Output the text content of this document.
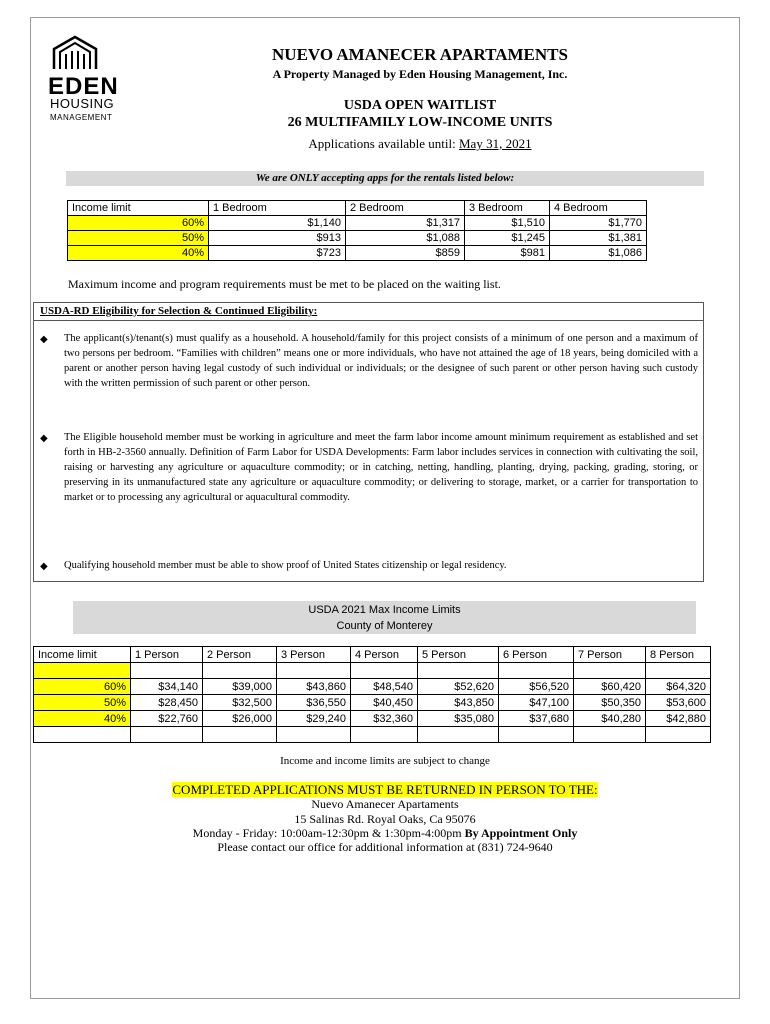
EDEN
HOUSING
MANAGEMENT
NUEVO AMANECER APARTAMENTS
A Property Managed by Eden Housing Management, Inc.
USDA OPEN WAITLIST
26 MULTIFAMILY LOW-INCOME UNITS
Applications available until: May 31, 2021
We are ONLY accepting apps for the rentals listed below:
Income limit	1 Bedroom	2 Bedroom	3 Bedroom	4 Bedroom
60%	$1,140	$1,317	$1,510	$1,770
50%	$913	$1,088	$1,245	$1,381
40%	$723	$859	$981	$1,086
Maximum income and program requirements must be met to be placed on the waiting list.
USDA-RD Eligibility for Selection & Continued Eligibility:
◆ The applicant(s)/tenant(s) must qualify as a household. A household/family for this project consists of a minimum of one person and a maximum of two persons per bedroom. “Families with children” means one or more individuals, who have not attained the age of 18 years, being domiciled with a parent or another person having legal custody of such individual or individuals; or the designee of such parent or other person having such custody with the written permission of such parent or other person.
◆ The Eligible household member must be working in agriculture and meet the farm labor income amount minimum requirement as established and set forth in HB-2-3560 annually. Definition of Farm Labor for USDA Developments: Farm labor includes services in connection with cultivating the soil, raising or harvesting any agriculture or aquaculture commodity; or in catching, netting, handling, planting, drying, packing, grading, storing, or preserving in its unmanufactured state any agriculture or aquaculture commodity; or delivering to storage, market, or a carrier for transportation to market or to processing any agricultural or aquacultural commodity.
◆ Qualifying household member must be able to show proof of United States citizenship or legal residency.
USDA 2021 Max Income Limits
County of Monterey
Income limit	1 Person	2 Person	3 Person	4 Person	5 Person	6 Person	7 Person	8 Person

60%	$34,140	$39,000	$43,860	$48,540	$52,620	$56,520	$60,420	$64,320
50%	$28,450	$32,500	$36,550	$40,450	$43,850	$47,100	$50,350	$53,600
40%	$22,760	$26,000	$29,240	$32,360	$35,080	$37,680	$40,280	$42,880

Income and income limits are subject to change
COMPLETED APPLICATIONS MUST BE RETURNED IN PERSON TO THE:
Nuevo Amanecer Apartaments
15 Salinas Rd. Royal Oaks, Ca 95076
Monday - Friday: 10:00am-12:30pm & 1:30pm-4:00pm By Appointment Only
Please contact our office for additional information at (831) 724-9640
